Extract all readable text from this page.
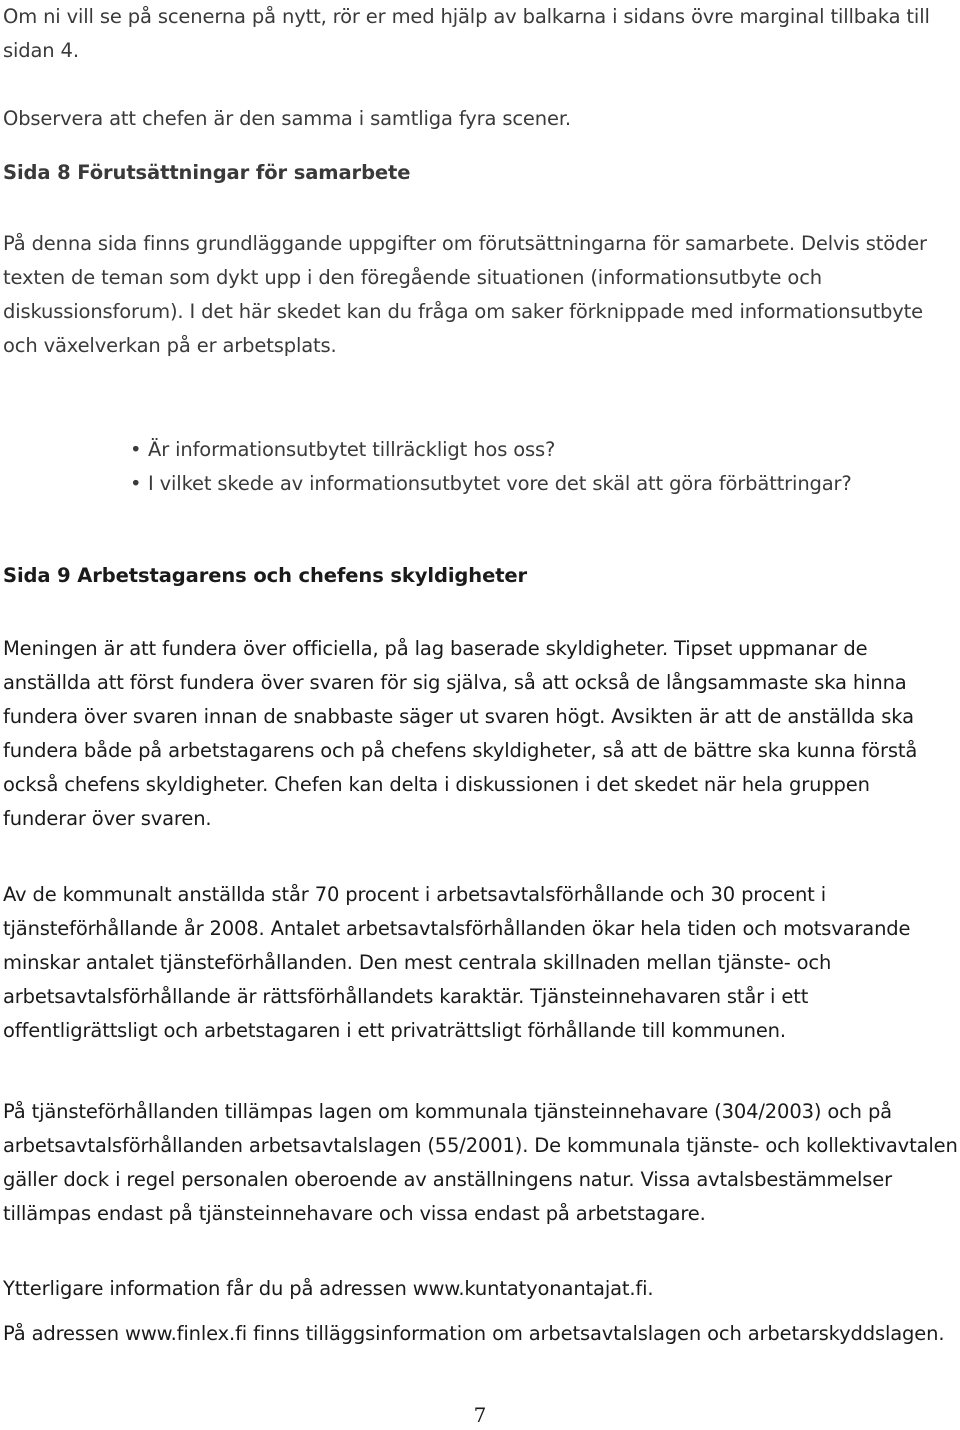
Om ni vill se på scenerna på nytt, rör er med hjälp av balkarna i sidans övre marginal tillbaka till sidan 4.

Observera att chefen är den samma i samtliga fyra scener.

Sida 8 Förutsättningar för samarbete

På denna sida finns grundläggande uppgifter om förutsättningarna för samarbete. Delvis stöder texten de teman som dykt upp i den föregående situationen (informationsutbyte och diskussionsforum). I det här skedet kan du fråga om saker förknippade med informationsutbyte och växelverkan på er arbetsplats.

• Är informationsutbytet tillräckligt hos oss?
• I vilket skede av informationsutbytet vore det skäl att göra förbättringar?

Sida 9 Arbetstagarens och chefens skyldigheter

Meningen är att fundera över officiella, på lag baserade skyldigheter. Tipset uppmanar de anställda att först fundera över svaren för sig själva, så att också de långsammaste ska hinna fundera över svaren innan de snabbaste säger ut svaren högt. Avsikten är att de anställda ska fundera både på arbetstagarens och på chefens skyldigheter, så att de bättre ska kunna förstå också chefens skyldigheter. Chefen kan delta i diskussionen i det skedet när hela gruppen funderar över svaren.

Av de kommunalt anställda står 70 procent i arbetsavtalsförhållande och 30 procent i tjänsteförhållande år 2008. Antalet arbetsavtalsförhållanden ökar hela tiden och motsvarande minskar antalet tjänsteförhållanden. Den mest centrala skillnaden mellan tjänste- och arbetsavtalsförhållande är rättsförhållandets karaktär. Tjänsteinnehavaren står i ett offentligrättsligt och arbetstagaren i ett privaträttsligt förhållande till kommunen.

På tjänsteförhållanden tillämpas lagen om kommunala tjänsteinnehavare (304/2003) och på arbetsavtalsförhållanden arbetsavtalslagen (55/2001). De kommunala tjänste- och kollektivavtalen gäller dock i regel personalen oberoende av anställningens natur. Vissa avtalsbestämmelser tillämpas endast på tjänsteinnehavare och vissa endast på arbetstagare.

Ytterligare information får du på adressen www.kuntatyonantajat.fi.

På adressen www.finlex.fi finns tilläggsinformation om arbetsavtalslagen och arbetarskyddslagen.

7
